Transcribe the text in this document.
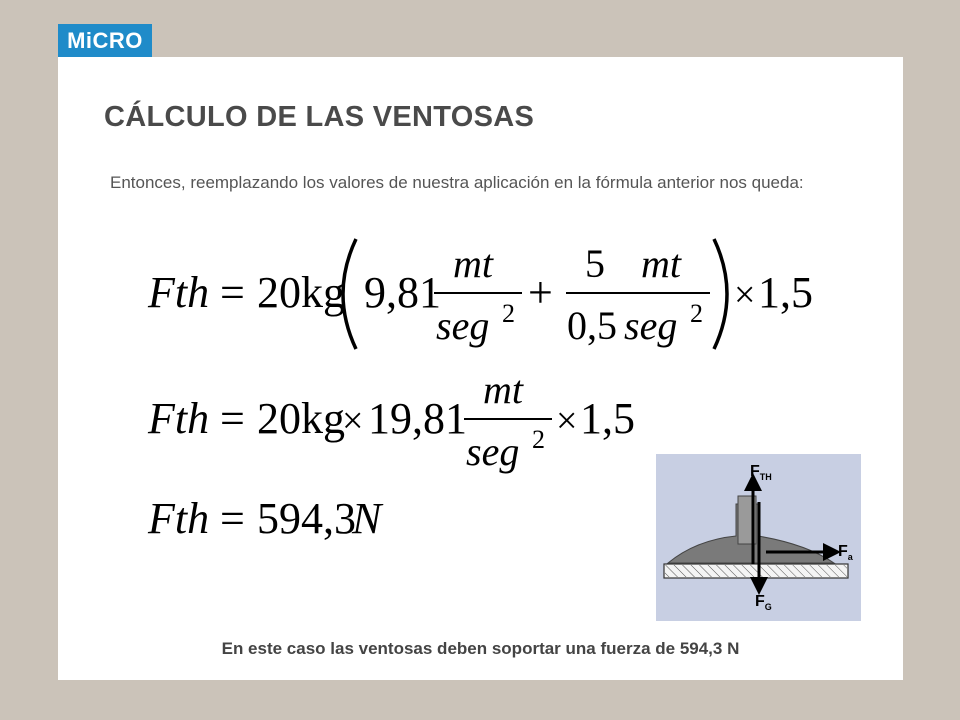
MiCRO
CÁLCULO DE LAS VENTOSAS
Entonces, reemplazando los valores de nuestra aplicación en la fórmula anterior nos queda:
Fth = 20kg 9,81
mt
seg 2 +
5
0,5
mt
seg 2 × 1,5
Fth = 20kg
× 19,81
mt
seg 2 × 1,5
Fth = 594,3
N
$F_{TH}$
$F_a$
$F_G$
En este caso las ventosas deben soportar una fuerza de 594,3 N
